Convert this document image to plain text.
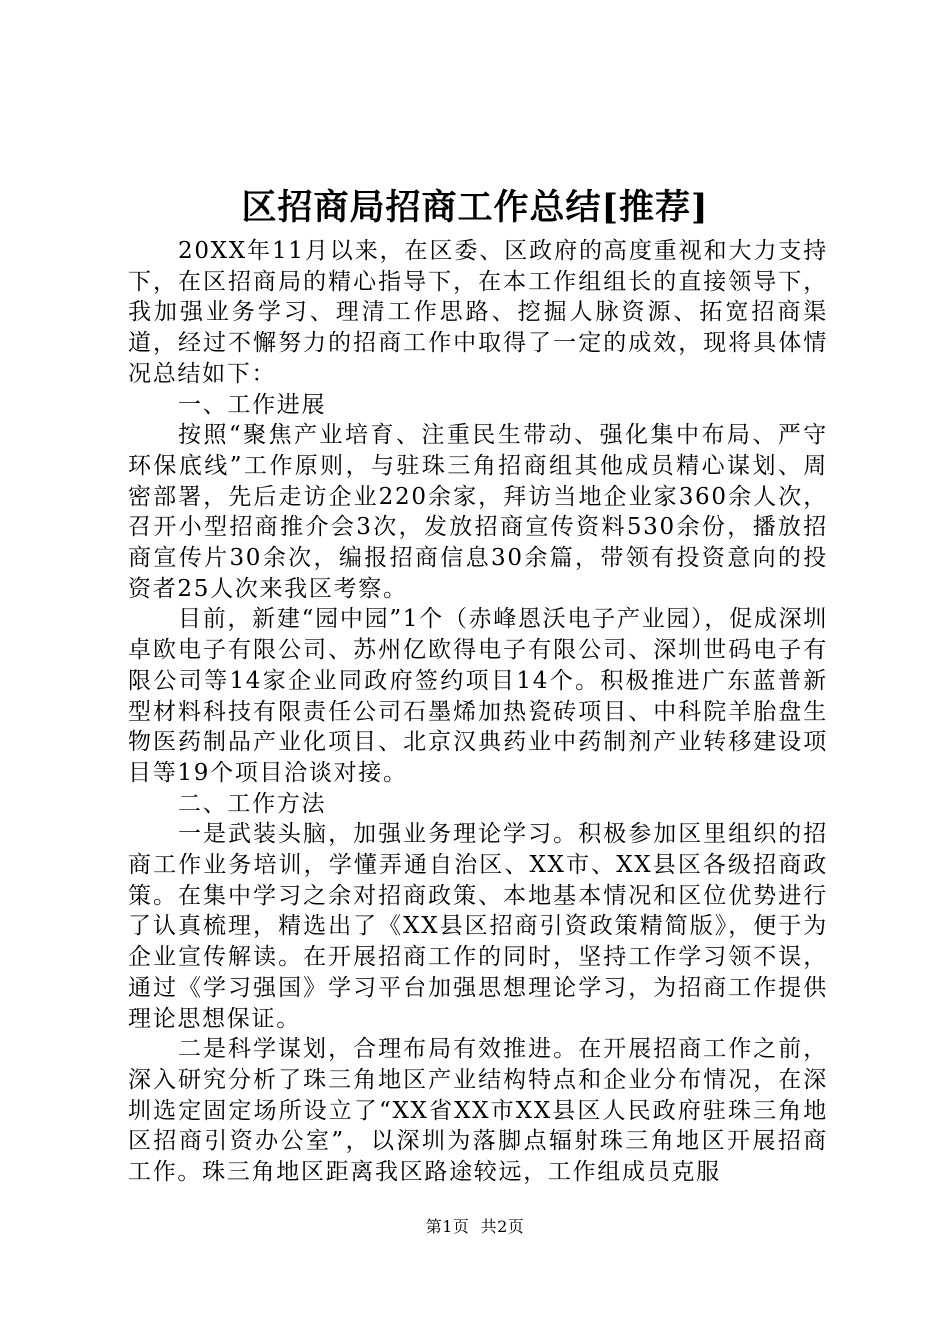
区招商局招商工作总结[推荐]

20XX年11月以来，在区委、区政府的高度重视和大力支持下，在区招商局的精心指导下，在本工作组组长的直接领导下，我加强业务学习、理清工作思路、挖掘人脉资源、拓宽招商渠道，经过不懈努力的招商工作中取得了一定的成效，现将具体情况总结如下：

一、工作进展

按照“聚焦产业培育、注重民生带动、强化集中布局、严守环保底线”工作原则，与驻珠三角招商组其他成员精心谋划、周密部署，先后走访企业220余家，拜访当地企业家360余人次，召开小型招商推介会3次，发放招商宣传资料530余份，播放招商宣传片30余次，编报招商信息30余篇，带领有投资意向的投资者25人次来我区考察。

目前，新建“园中园”1个（赤峰恩沃电子产业园），促成深圳卓欧电子有限公司、苏州亿欧得电子有限公司、深圳世码电子有限公司等14家企业同政府签约项目14个。积极推进广东蓝普新型材料科技有限责任公司石墨烯加热瓷砖项目、中科院羊胎盘生物医药制品产业化项目、北京汉典药业中药制剂产业转移建设项目等19个项目洽谈对接。

二、工作方法

一是武装头脑，加强业务理论学习。积极参加区里组织的招商工作业务培训，学懂弄通自治区、XX市、XX县区各级招商政策。在集中学习之余对招商政策、本地基本情况和区位优势进行了认真梳理，精选出了《XX县区招商引资政策精简版》，便于为企业宣传解读。在开展招商工作的同时，坚持工作学习领不误，通过《学习强国》学习平台加强思想理论学习，为招商工作提供理论思想保证。

二是科学谋划，合理布局有效推进。在开展招商工作之前，深入研究分析了珠三角地区产业结构特点和企业分布情况，在深圳选定固定场所设立了“XX省XX市XX县区人民政府驻珠三角地区招商引资办公室”，以深圳为落脚点辐射珠三角地区开展招商工作。珠三角地区距离我区路途较远，工作组成员克服

第1页 共2页
